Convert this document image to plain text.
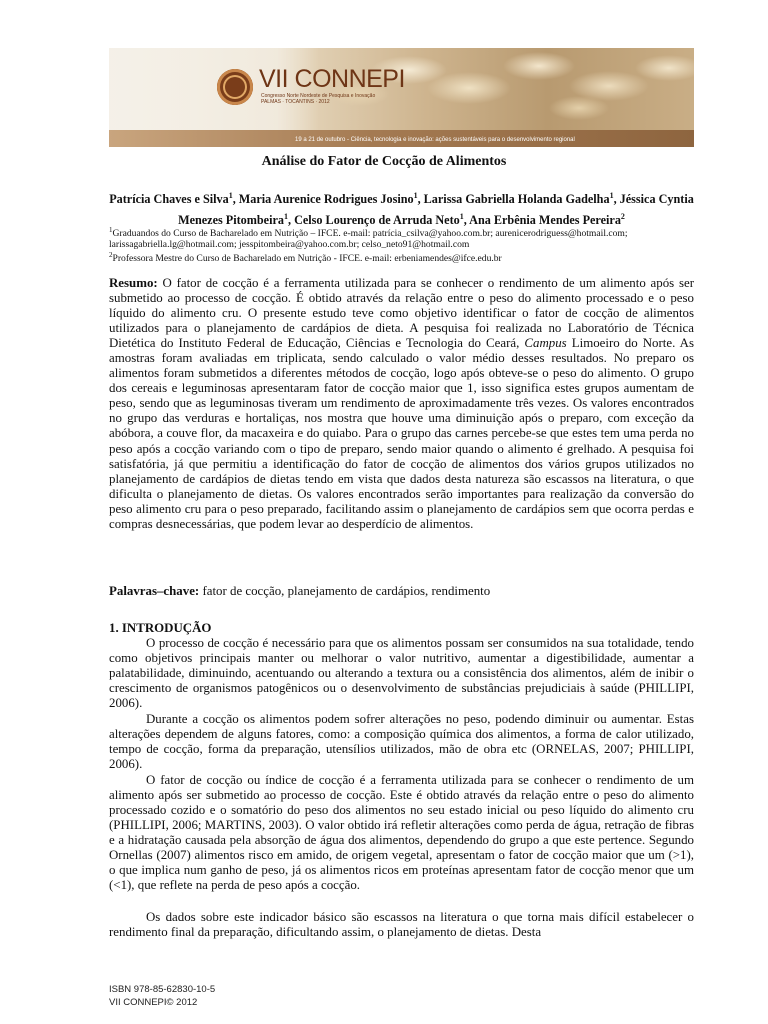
VII CONNEPI
Congresso Norte Nordeste de Pesquisa e Inovação
PALMAS · TOCANTINS · 2012
19 a 21 de outubro - Ciência, tecnologia e inovação: ações sustentáveis para o desenvolvimento regional
Análise do Fator de Cocção de Alimentos
Patrícia Chaves e Silva$^1$, Maria Aurenice Rodrigues Josino$^1$, Larissa Gabriella Holanda Gadelha$^1$, Jéssica Cyntia Menezes Pitombeira$^1$, Celso Lourenço de Arruda Neto$^1$, Ana Erbênia Mendes Pereira$^2$
$^1$Graduandos do Curso de Bacharelado em Nutrição – IFCE. e-mail: patrícia_csilva@yahoo.com.br; aurenicerodriguess@hotmail.com;
larissagabriella.lg@hotmail.com; jesspitombeira@yahoo.com.br; celso_neto91@hotmail.com
$^2$Professora Mestre do Curso de Bacharelado em Nutrição - IFCE. e-mail: erbeniamendes@ifce.edu.br

Resumo: O fator de cocção é a ferramenta utilizada para se conhecer o rendimento de um alimento após ser submetido ao processo de cocção. É obtido através da relação entre o peso do alimento processado e o peso líquido do alimento cru. O presente estudo teve como objetivo identificar o fator de cocção de alimentos utilizados para o planejamento de cardápios de dieta. A pesquisa foi realizada no Laboratório de Técnica Dietética do Instituto Federal de Educação, Ciências e Tecnologia do Ceará, Campus Limoeiro do Norte. As amostras foram avaliadas em triplicata, sendo calculado o valor médio desses resultados. No preparo os alimentos foram submetidos a diferentes métodos de cocção, logo após obteve-se o peso do alimento. O grupo dos cereais e leguminosas apresentaram fator de cocção maior que 1, isso significa estes grupos aumentam de peso, sendo que as leguminosas tiveram um rendimento de aproximadamente três vezes. Os valores encontrados no grupo das verduras e hortaliças, nos mostra que houve uma diminuição após o preparo, com exceção da abóbora, a couve flor, da macaxeira e do quiabo. Para o grupo das carnes percebe-se que estes tem uma perda no peso após a cocção variando com o tipo de preparo, sendo maior quando o alimento é grelhado. A pesquisa foi satisfatória, já que permitiu a identificação do fator de cocção de alimentos dos vários grupos utilizados no planejamento de cardápios de dietas tendo em vista que dados desta natureza são escassos na literatura, o que dificulta o planejamento de dietas. Os valores encontrados serão importantes para realização da conversão do peso alimento cru para o peso preparado, facilitando assim o planejamento de cardápios sem que ocorra perdas e compras desnecessárias, que podem levar ao desperdício de alimentos.

Palavras–chave: fator de cocção, planejamento de cardápios, rendimento

1. INTRODUÇÃO

O processo de cocção é necessário para que os alimentos possam ser consumidos na sua totalidade, tendo como objetivos principais manter ou melhorar o valor nutritivo, aumentar a digestibilidade, aumentar a palatabilidade, diminuindo, acentuando ou alterando a textura ou a consistência dos alimentos, além de inibir o crescimento de organismos patogênicos ou o desenvolvimento de substâncias prejudiciais à saúde (PHILLIPI, 2006).

Durante a cocção os alimentos podem sofrer alterações no peso, podendo diminuir ou aumentar. Estas alterações dependem de alguns fatores, como: a composição química dos alimentos, a forma de calor utilizado, tempo de cocção, forma da preparação, utensílios utilizados, mão de obra etc (ORNELAS, 2007; PHILLIPI, 2006).

O fator de cocção ou índice de cocção é a ferramenta utilizada para se conhecer o rendimento de um alimento após ser submetido ao processo de cocção. Este é obtido através da relação entre o peso do alimento processado cozido e o somatório do peso dos alimentos no seu estado inicial ou peso líquido do alimento cru (PHILLIPI, 2006; MARTINS, 2003). O valor obtido irá refletir alterações como perda de água, retração de fibras e a hidratação causada pela absorção de água dos alimentos, dependendo do grupo a que este pertence. Segundo Ornellas (2007) alimentos risco em amido, de origem vegetal, apresentam o fator de cocção maior que um (>1), o que implica num ganho de peso, já os alimentos ricos em proteínas apresentam fator de cocção menor que um (<1), que reflete na perda de peso após a cocção.

Os dados sobre este indicador básico são escassos na literatura o que torna mais difícil estabelecer o rendimento final da preparação, dificultando assim, o planejamento de dietas. Desta

ISBN 978-85-62830-10-5
VII CONNEPI© 2012
